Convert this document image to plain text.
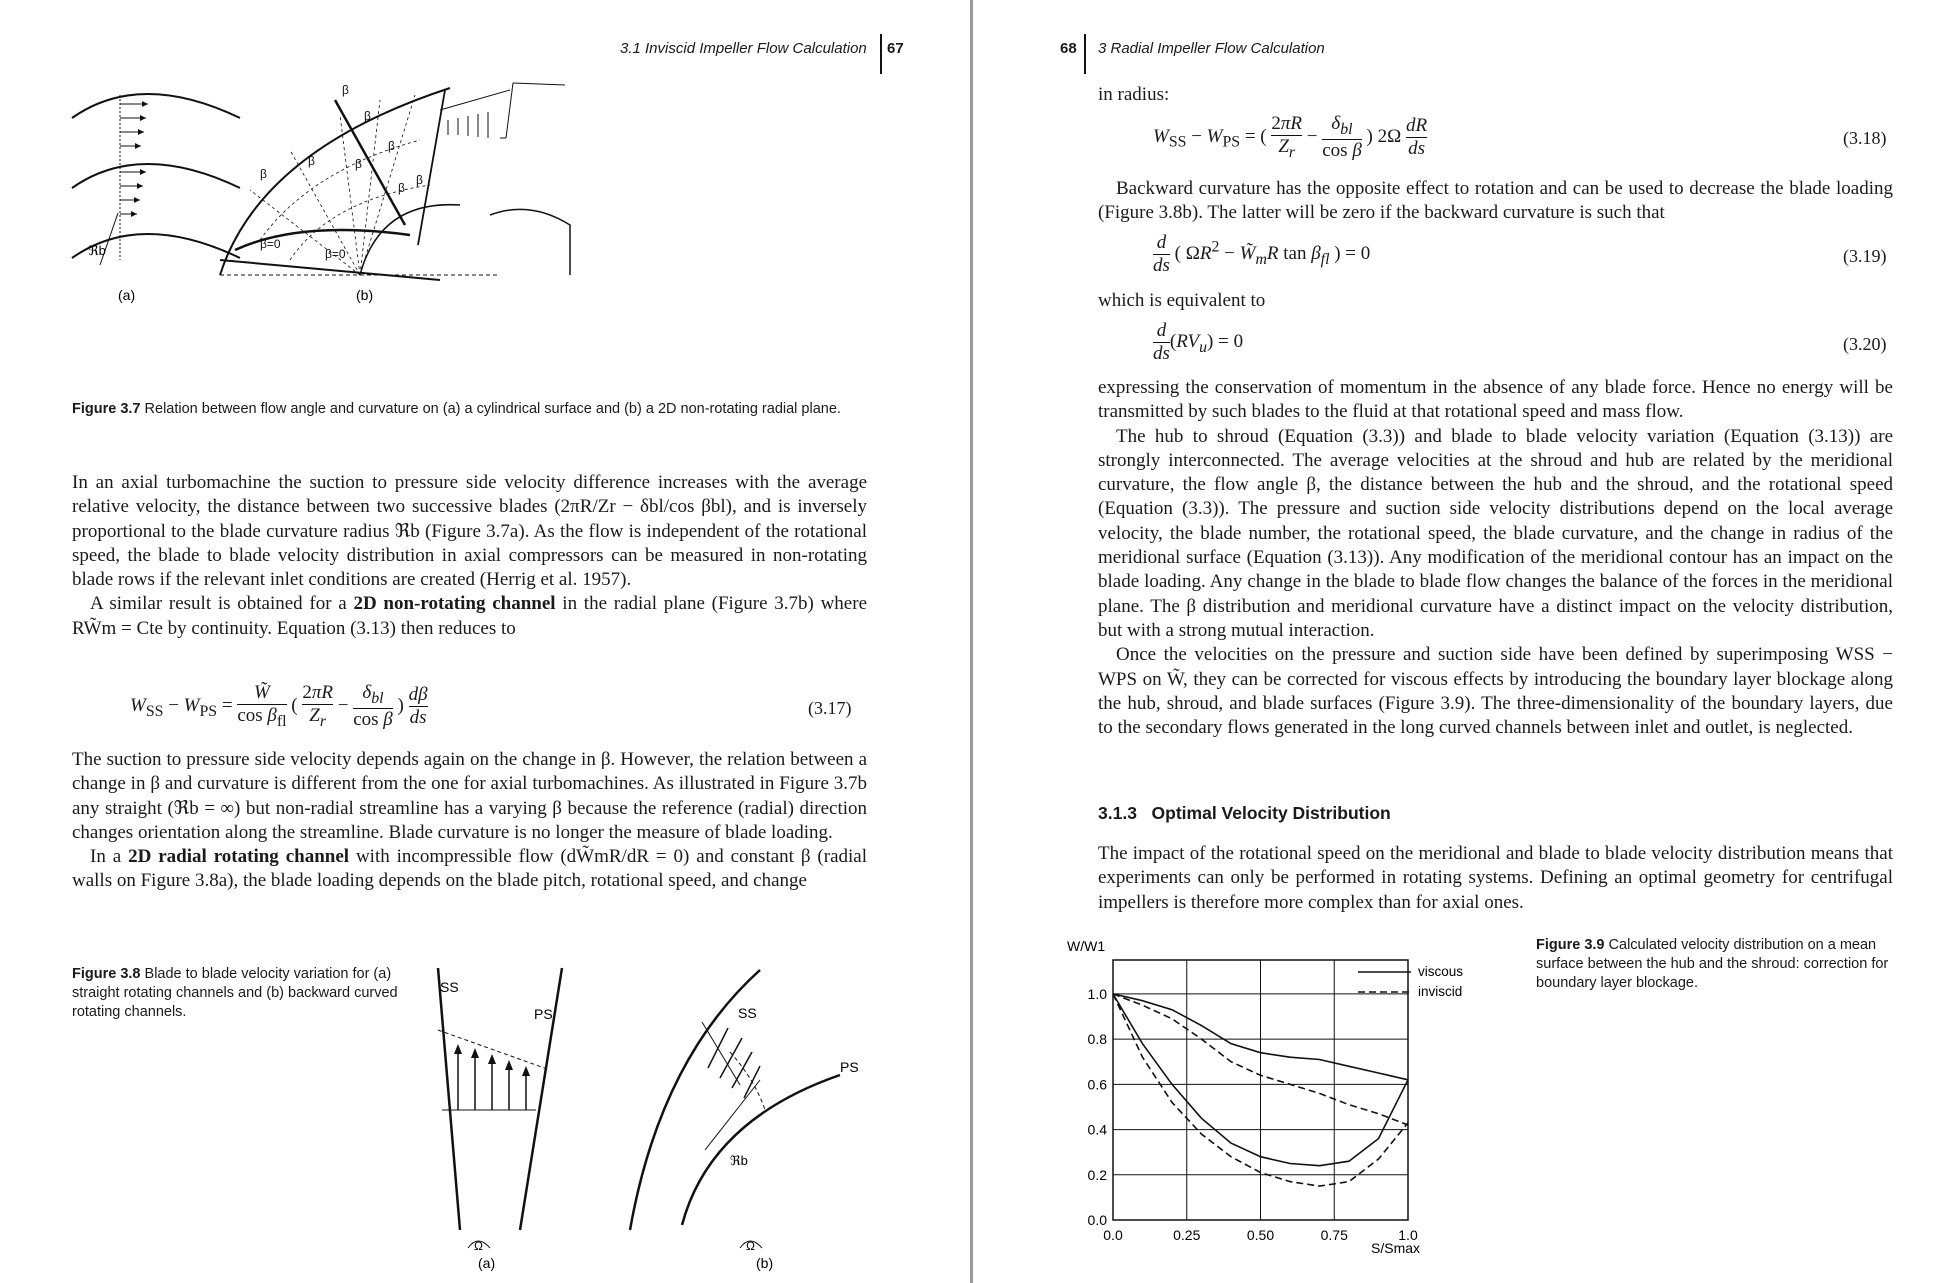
3.1 Inviscid Impeller Flow Calculation 67
ℜb
(a)
β
β
β
β	β
β
β
β
β=0
β=0
(b)
Figure 3.7 Relation between flow angle and curvature on (a) a cylindrical surface and (b) a 2D non-rotating radial plane.

In an axial turbomachine the suction to pressure side velocity difference increases with the average relative velocity, the distance between two successive blades (2πR/Zr − δbl/cos βbl), and is inversely proportional to the blade curvature radius ℜb (Figure 3.7a). As the flow is independent of the rotational speed, the blade to blade velocity distribution in axial compressors can be measured in non-rotating blade rows if the relevant inlet conditions are created (Herrig et al. 1957).

A similar result is obtained for a 2D non-rotating channel in the radial plane (Figure 3.7b) where RW̃m = Cte by continuity. Equation (3.13) then reduces to

$W_{SS} - W_{PS}$ =
W̃
$\cos \beta_{fl}$
( $\frac{2\pi R}{Z_r}$ −
$\delta_{bl}$
cos β
) $\frac{d\beta}{ds}$	(3.17)

The suction to pressure side velocity depends again on the change in β. However, the relation between a change in β and curvature is different from the one for axial turbomachines. As illustrated in Figure 3.7b any straight (ℜb = ∞) but non-radial streamline has a varying β because the reference (radial) direction changes orientation along the streamline. Blade curvature is no longer the measure of blade loading.

In a 2D radial rotating channel with incompressible flow (dW̃mR/dR = 0) and constant β (radial walls on Figure 3.8a), the blade loading depends on the blade pitch, rotational speed, and change

Figure 3.8 Blade to blade velocity variation for (a) straight rotating channels and (b) backward curved rotating channels.
SS
PS
Ω
(a)
SS
PS
ℜb
Ω
(b)
68 3 Radial Impeller Flow Calculation
in radius:
$W_{SS} - W_{PS}$ = ( $\frac{2\pi R}{Z_r}$ −
$\delta_{bl}$
cos β
) $2\Omega \frac{dR}{ds}$	(3.18)
Backward curvature has the opposite effect to rotation and can be used to decrease the blade loading (Figure 3.8b). The latter will be zero if the backward curvature is such that
$\frac{d}{ds}$ ( $\Omega R^2$ − $W̃_mR$ $\tan \beta_{fl}$ ) = 0	(3.19)
which is equivalent to
$\frac{d}{ds} (RV_u) = 0$	(3.20)

expressing the conservation of momentum in the absence of any blade force. Hence no energy will be transmitted by such blades to the fluid at that rotational speed and mass flow.

The hub to shroud (Equation (3.3)) and blade to blade velocity variation (Equation (3.13)) are strongly interconnected. The average velocities at the shroud and hub are related by the meridional curvature, the flow angle β, the distance between the hub and the shroud, and the rotational speed (Equation (3.3)). The pressure and suction side velocity distributions depend on the local average velocity, the blade number, the rotational speed, the blade curvature, and the change in radius of the meridional surface (Equation (3.13)). Any modification of the meridional contour has an impact on the blade loading. Any change in the blade to blade flow changes the balance of the forces in the meridional plane. The β distribution and meridional curvature have a distinct impact on the velocity distribution, but with a strong mutual interaction.

Once the velocities on the pressure and suction side have been defined by superimposing WSS − WPS on W̃, they can be corrected for viscous effects by introducing the boundary layer blockage along the hub, shroud, and blade surfaces (Figure 3.9). The three-dimensionality of the boundary layers, due to the secondary flows generated in the long curved channels between inlet and outlet, is neglected.

3.1.3 Optimal Velocity Distribution
The impact of the rotational speed on the meridional and blade to blade velocity distribution means that experiments can only be performed in rotating systems. Defining an optimal geometry for centrifugal impellers is therefore more complex than for axial ones.
0.0	0.25	0.50	0.75	1.0
0.0
0.2
0.4
0.6
0.8
1.0
W/W1
S/Smax
viscous
inviscid
Figure 3.9 Calculated velocity distribution on a mean surface between the hub and the shroud: correction for boundary layer blockage.
